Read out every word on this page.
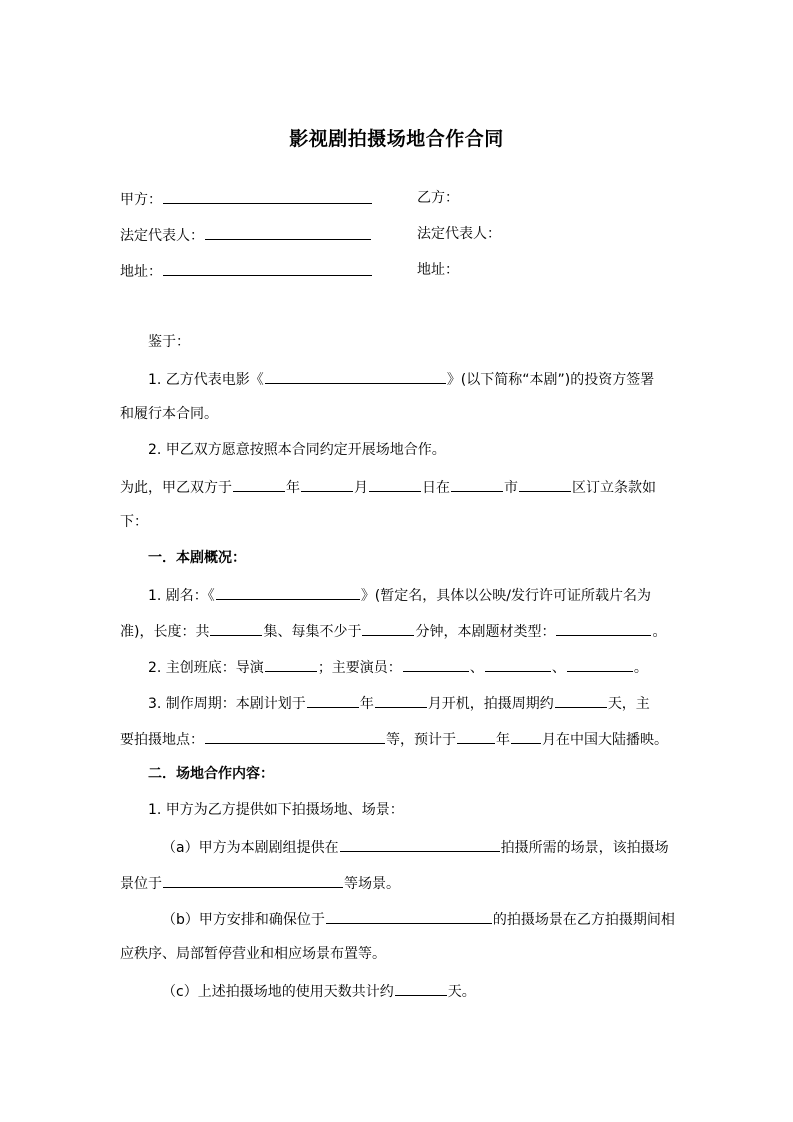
影视剧拍摄场地合作合同
甲方：	乙方：
法定代表人：	法定代表人：
地址：	地址：
鉴于：
1. 乙方代表电影《	》(以下简称“本剧”)的投资方签署
和履行本合同。
2. 甲乙双方愿意按照本合同约定开展场地合作。
为此，甲乙双方于	年	月	日在	市	区订立条款如
下：
一．本剧概况：
1. 剧名：《	》(暂定名，具体以公映/发行许可证所载片名为
准)，长度：共	集、每集不少于	分钟，本剧题材类型：	。
2. 主创班底：导演	；主要演员：	、	、	。
3. 制作周期：本剧计划于	年	月开机，拍摄周期约	天，主
要拍摄地点：	等，预计于	年 月在中国大陆播映。
二．场地合作内容：
1. 甲方为乙方提供如下拍摄场地、场景：
（a）甲方为本剧剧组提供在	拍摄所需的场景，该拍摄场
景位于	等场景。
（b）甲方安排和确保位于	的拍摄场景在乙方拍摄期间相
应秩序、局部暂停营业和相应场景布置等。
（c）上述拍摄场地的使用天数共计约	天。
